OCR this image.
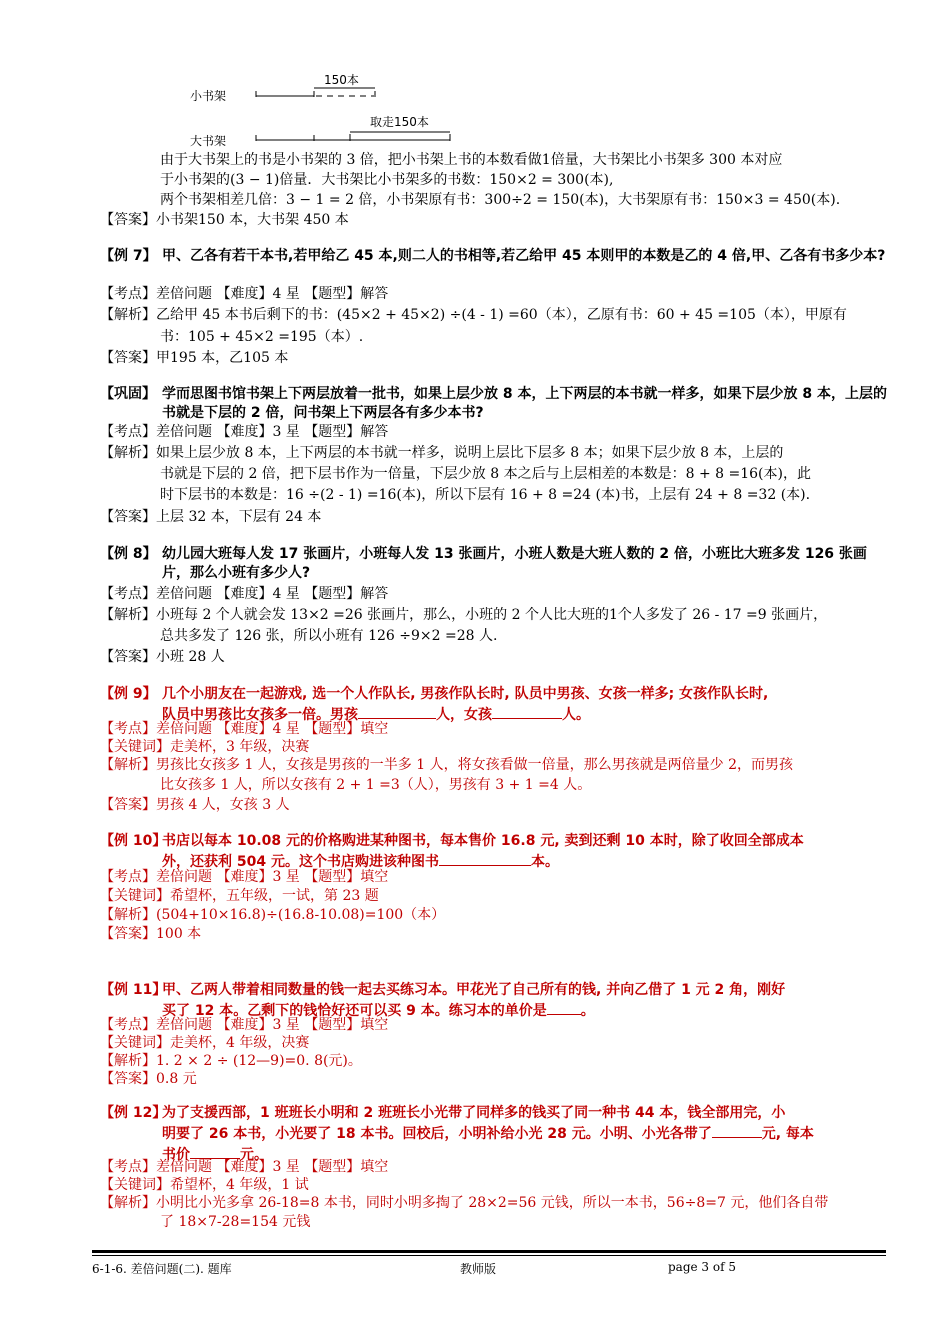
小书架
150本
取走150本
大书架
由于大书架上的书是小书架的 3 倍，把小书架上书的本数看做1倍量，大书架比小书架多 300 本对应
于小书架的(3 − 1)倍量．大书架比小书架多的书数：150×2 = 300(本),
两个书架相差几倍：3 − 1 = 2 倍，小书架原有书：300÷2 = 150(本)，大书架原有书：150×3 = 450(本).
【答案】小书架150 本，大书架 450 本
【例 7】 甲、乙各有若干本书,若甲给乙 45 本,则二人的书相等,若乙给甲 45 本则甲的本数是乙的 4 倍,甲、乙各有书多少本?
【考点】差倍问题 【难度】4 星 【题型】解答
【解析】乙给甲 45 本书后剩下的书：(45×2 + 45×2) ÷(4 - 1) =60（本），乙原有书：60 + 45 =105（本），甲原有
书：105 + 45×2 =195（本）.
【答案】甲195 本，乙105 本
【巩固】 学而思图书馆书架上下两层放着一批书，如果上层少放 8 本，上下两层的本书就一样多，如果下层少放 8 本，上层的书就是下层的 2 倍，问书架上下两层各有多少本书?
【考点】差倍问题 【难度】3 星 【题型】解答
【解析】如果上层少放 8 本，上下两层的本书就一样多，说明上层比下层多 8 本；如果下层少放 8 本，上层的
书就是下层的 2 倍，把下层书作为一倍量，下层少放 8 本之后与上层相差的本数是：8 + 8 =16(本)，此
时下层书的本数是：16 ÷(2 - 1) =16(本)，所以下层有 16 + 8 =24 (本)书，上层有 24 + 8 =32 (本).
【答案】上层 32 本，下层有 24 本
【例 8】 幼儿园大班每人发 17 张画片，小班每人发 13 张画片，小班人数是大班人数的 2 倍，小班比大班多发 126 张画片，那么小班有多少人?
【考点】差倍问题 【难度】4 星 【题型】解答
【解析】小班每 2 个人就会发 13×2 =26 张画片，那么，小班的 2 个人比大班的1个人多发了 26 - 17 =9 张画片，
总共多发了 126 张，所以小班有 126 ÷9×2 =28 人.
【答案】小班 28 人
【例 9】 几个小朋友在一起游戏, 选一个人作队长, 男孩作队长时, 队员中男孩、女孩一样多; 女孩作队长时,
队员中男孩比女孩多一倍。男孩	人，女孩	人。
【考点】差倍问题 【难度】4 星 【题型】填空
【关键词】走美杯，3 年级，决赛
【解析】男孩比女孩多 1 人，女孩是男孩的一半多 1 人，将女孩看做一倍量，那么男孩就是两倍量少 2，而男孩
比女孩多 1 人，所以女孩有 2 + 1 =3（人），男孩有 3 + 1 =4 人。
【答案】男孩 4 人，女孩 3 人
【例 10】
书店以每本 10.08 元的价格购进某种图书，每本售价 16.8 元, 卖到还剩 10 本时，除了收回全部成本
外，还获利 504 元。这个书店购进该种图书	本。
【考点】差倍问题 【难度】3 星 【题型】填空
【关键词】希望杯，五年级，一试，第 23 题
【解析】(504+10×16.8)÷(16.8-10.08)=100（本）
【答案】100 本
【例 11】
甲、乙两人带着相同数量的钱一起去买练习本。甲花光了自己所有的钱, 并向乙借了 1 元 2 角，刚好
买了 12 本。乙剩下的钱恰好还可以买 9 本。练习本的单价是 。
【考点】差倍问题 【难度】3 星 【题型】填空
【关键词】走美杯，4 年级，决赛
【解析】1. 2 × 2 ÷ (12—9)=0. 8(元)。
【答案】0.8 元
【例 12】
为了支援西部，1 班班长小明和 2 班班长小光带了同样多的钱买了同一种书 44 本，钱全部用完，小
明要了 26 本书，小光要了 18 本书。回校后，小明补给小光 28 元。小明、小光各带了	元, 每本
书价	元。
【考点】差倍问题 【难度】3 星 【题型】填空
【关键词】希望杯，4 年级，1 试
【解析】小明比小光多拿 26-18=8 本书，同时小明多掏了 28×2=56 元钱，所以一本书，56÷8=7 元，他们各自带
了 18×7-28=154 元钱
6-1-6. 差倍问题(二). 题库	教师版	page 3 of 5
